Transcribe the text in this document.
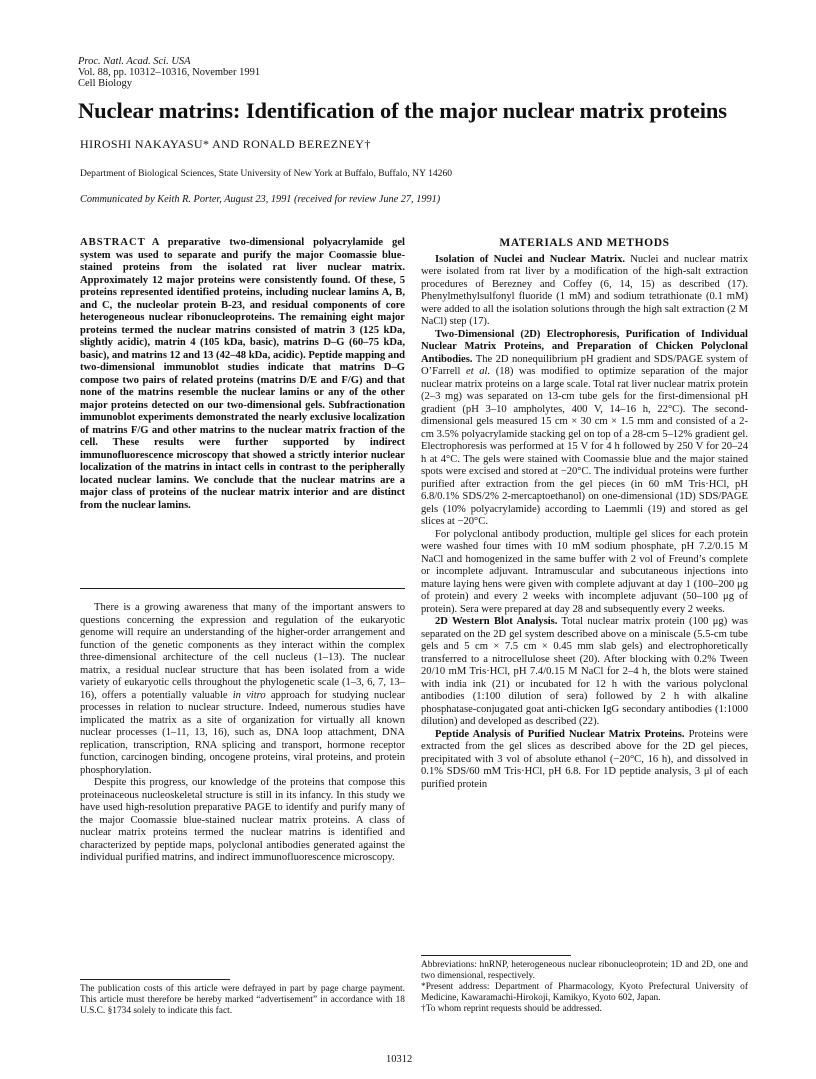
Proc. Natl. Acad. Sci. USA
Vol. 88, pp. 10312–10316, November 1991
Cell Biology
Nuclear matrins: Identification of the major nuclear matrix proteins
HIROSHI NAKAYASU* AND RONALD BEREZNEY†
Department of Biological Sciences, State University of New York at Buffalo, Buffalo, NY 14260
Communicated by Keith R. Porter, August 23, 1991 (received for review June 27, 1991)
ABSTRACT A preparative two-dimensional polyacrylamide gel system was used to separate and purify the major Coomassie blue-stained proteins from the isolated rat liver nuclear matrix. Approximately 12 major proteins were consistently found. Of these, 5 proteins represented identified proteins, including nuclear lamins A, B, and C, the nucleolar protein B-23, and residual components of core heterogeneous nuclear ribonucleoproteins. The remaining eight major proteins termed the nuclear matrins consisted of matrin 3 (125 kDa, slightly acidic), matrin 4 (105 kDa, basic), matrins D–G (60–75 kDa, basic), and matrins 12 and 13 (42–48 kDa, acidic). Peptide mapping and two-dimensional immunoblot studies indicate that matrins D–G compose two pairs of related proteins (matrins D/E and F/G) and that none of the matrins resemble the nuclear lamins or any of the other major proteins detected on our two-dimensional gels. Subfractionation immunoblot experiments demonstrated the nearly exclusive localization of matrins F/G and other matrins to the nuclear matrix fraction of the cell. These results were further supported by indirect immunofluorescence microscopy that showed a strictly interior nuclear localization of the matrins in intact cells in contrast to the peripherally located nuclear lamins. We conclude that the nuclear matrins are a major class of proteins of the nuclear matrix interior and are distinct from the nuclear lamins.

There is a growing awareness that many of the important answers to questions concerning the expression and regulation of the eukaryotic genome will require an understanding of the higher-order arrangement and function of the genetic components as they interact within the complex three-dimensional architecture of the cell nucleus (1–13). The nuclear matrix, a residual nuclear structure that has been isolated from a wide variety of eukaryotic cells throughout the phylogenetic scale (1–3, 6, 7, 13–16), offers a potentially valuable in vitro approach for studying nuclear processes in relation to nuclear structure. Indeed, numerous studies have implicated the matrix as a site of organization for virtually all known nuclear processes (1–11, 13, 16), such as, DNA loop attachment, DNA replication, transcription, RNA splicing and transport, hormone receptor function, carcinogen binding, oncogene proteins, viral proteins, and protein phosphorylation.

Despite this progress, our knowledge of the proteins that compose this proteinaceous nucleoskeletal structure is still in its infancy. In this study we have used high-resolution preparative PAGE to identify and purify many of the major Coomassie blue-stained nuclear matrix proteins. A class of nuclear matrix proteins termed the nuclear matrins is identified and characterized by peptide maps, polyclonal antibodies generated against the individual purified matrins, and indirect immunofluorescence microscopy.

The publication costs of this article were defrayed in part by page charge payment. This article must therefore be hereby marked “advertisement” in accordance with 18 U.S.C. §1734 solely to indicate this fact.
MATERIALS AND METHODS

Isolation of Nuclei and Nuclear Matrix. Nuclei and nuclear matrix were isolated from rat liver by a modification of the high-salt extraction procedures of Berezney and Coffey (6, 14, 15) as described (17). Phenylmethylsulfonyl fluoride (1 mM) and sodium tetrathionate (0.1 mM) were added to all the isolation solutions through the high salt extraction (2 M NaCl) step (17).

Two-Dimensional (2D) Electrophoresis, Purification of Individual Nuclear Matrix Proteins, and Preparation of Chicken Polyclonal Antibodies. The 2D nonequilibrium pH gradient and SDS/PAGE system of O’Farrell et al. (18) was modified to optimize separation of the major nuclear matrix proteins on a large scale. Total rat liver nuclear matrix protein (2–3 mg) was separated on 13-cm tube gels for the first-dimensional pH gradient (pH 3–10 ampholytes, 400 V, 14–16 h, 22°C). The second-dimensional gels measured 15 cm × 30 cm × 1.5 mm and consisted of a 2-cm 3.5% polyacrylamide stacking gel on top of a 28-cm 5–12% gradient gel. Electrophoresis was performed at 15 V for 4 h followed by 250 V for 20–24 h at 4°C. The gels were stained with Coomassie blue and the major stained spots were excised and stored at −20°C. The individual proteins were further purified after extraction from the gel pieces (in 60 mM Tris·HCl, pH 6.8/0.1% SDS/2% 2-mercaptoethanol) on one-dimensional (1D) SDS/PAGE gels (10% polyacrylamide) according to Laemmli (19) and stored as gel slices at −20°C.

For polyclonal antibody production, multiple gel slices for each protein were washed four times with 10 mM sodium phosphate, pH 7.2/0.15 M NaCl and homogenized in the same buffer with 2 vol of Freund’s complete or incomplete adjuvant. Intramuscular and subcutaneous injections into mature laying hens were given with complete adjuvant at day 1 (100–200 μg of protein) and every 2 weeks with incomplete adjuvant (50–100 μg of protein). Sera were prepared at day 28 and subsequently every 2 weeks.

2D Western Blot Analysis. Total nuclear matrix protein (100 μg) was separated on the 2D gel system described above on a miniscale (5.5-cm tube gels and 5 cm × 7.5 cm × 0.45 mm slab gels) and electrophoretically transferred to a nitrocellulose sheet (20). After blocking with 0.2% Tween 20/10 mM Tris·HCl, pH 7.4/0.15 M NaCl for 2–4 h, the blots were stained with india ink (21) or incubated for 12 h with the various polyclonal antibodies (1:100 dilution of sera) followed by 2 h with alkaline phosphatase-conjugated goat anti-chicken IgG secondary antibodies (1:1000 dilution) and developed as described (22).

Peptide Analysis of Purified Nuclear Matrix Proteins. Proteins were extracted from the gel slices as described above for the 2D gel pieces, precipitated with 3 vol of absolute ethanol (−20°C, 16 h), and dissolved in 0.1% SDS/60 mM Tris·HCl, pH 6.8. For 1D peptide analysis, 3 μl of each purified protein

Abbreviations: hnRNP, heterogeneous nuclear ribonucleoprotein; 1D and 2D, one and two dimensional, respectively.

*Present address: Department of Pharmacology, Kyoto Prefectural University of Medicine, Kawaramachi-Hirokoji, Kamikyo, Kyoto 602, Japan.

†To whom reprint requests should be addressed.

10312
